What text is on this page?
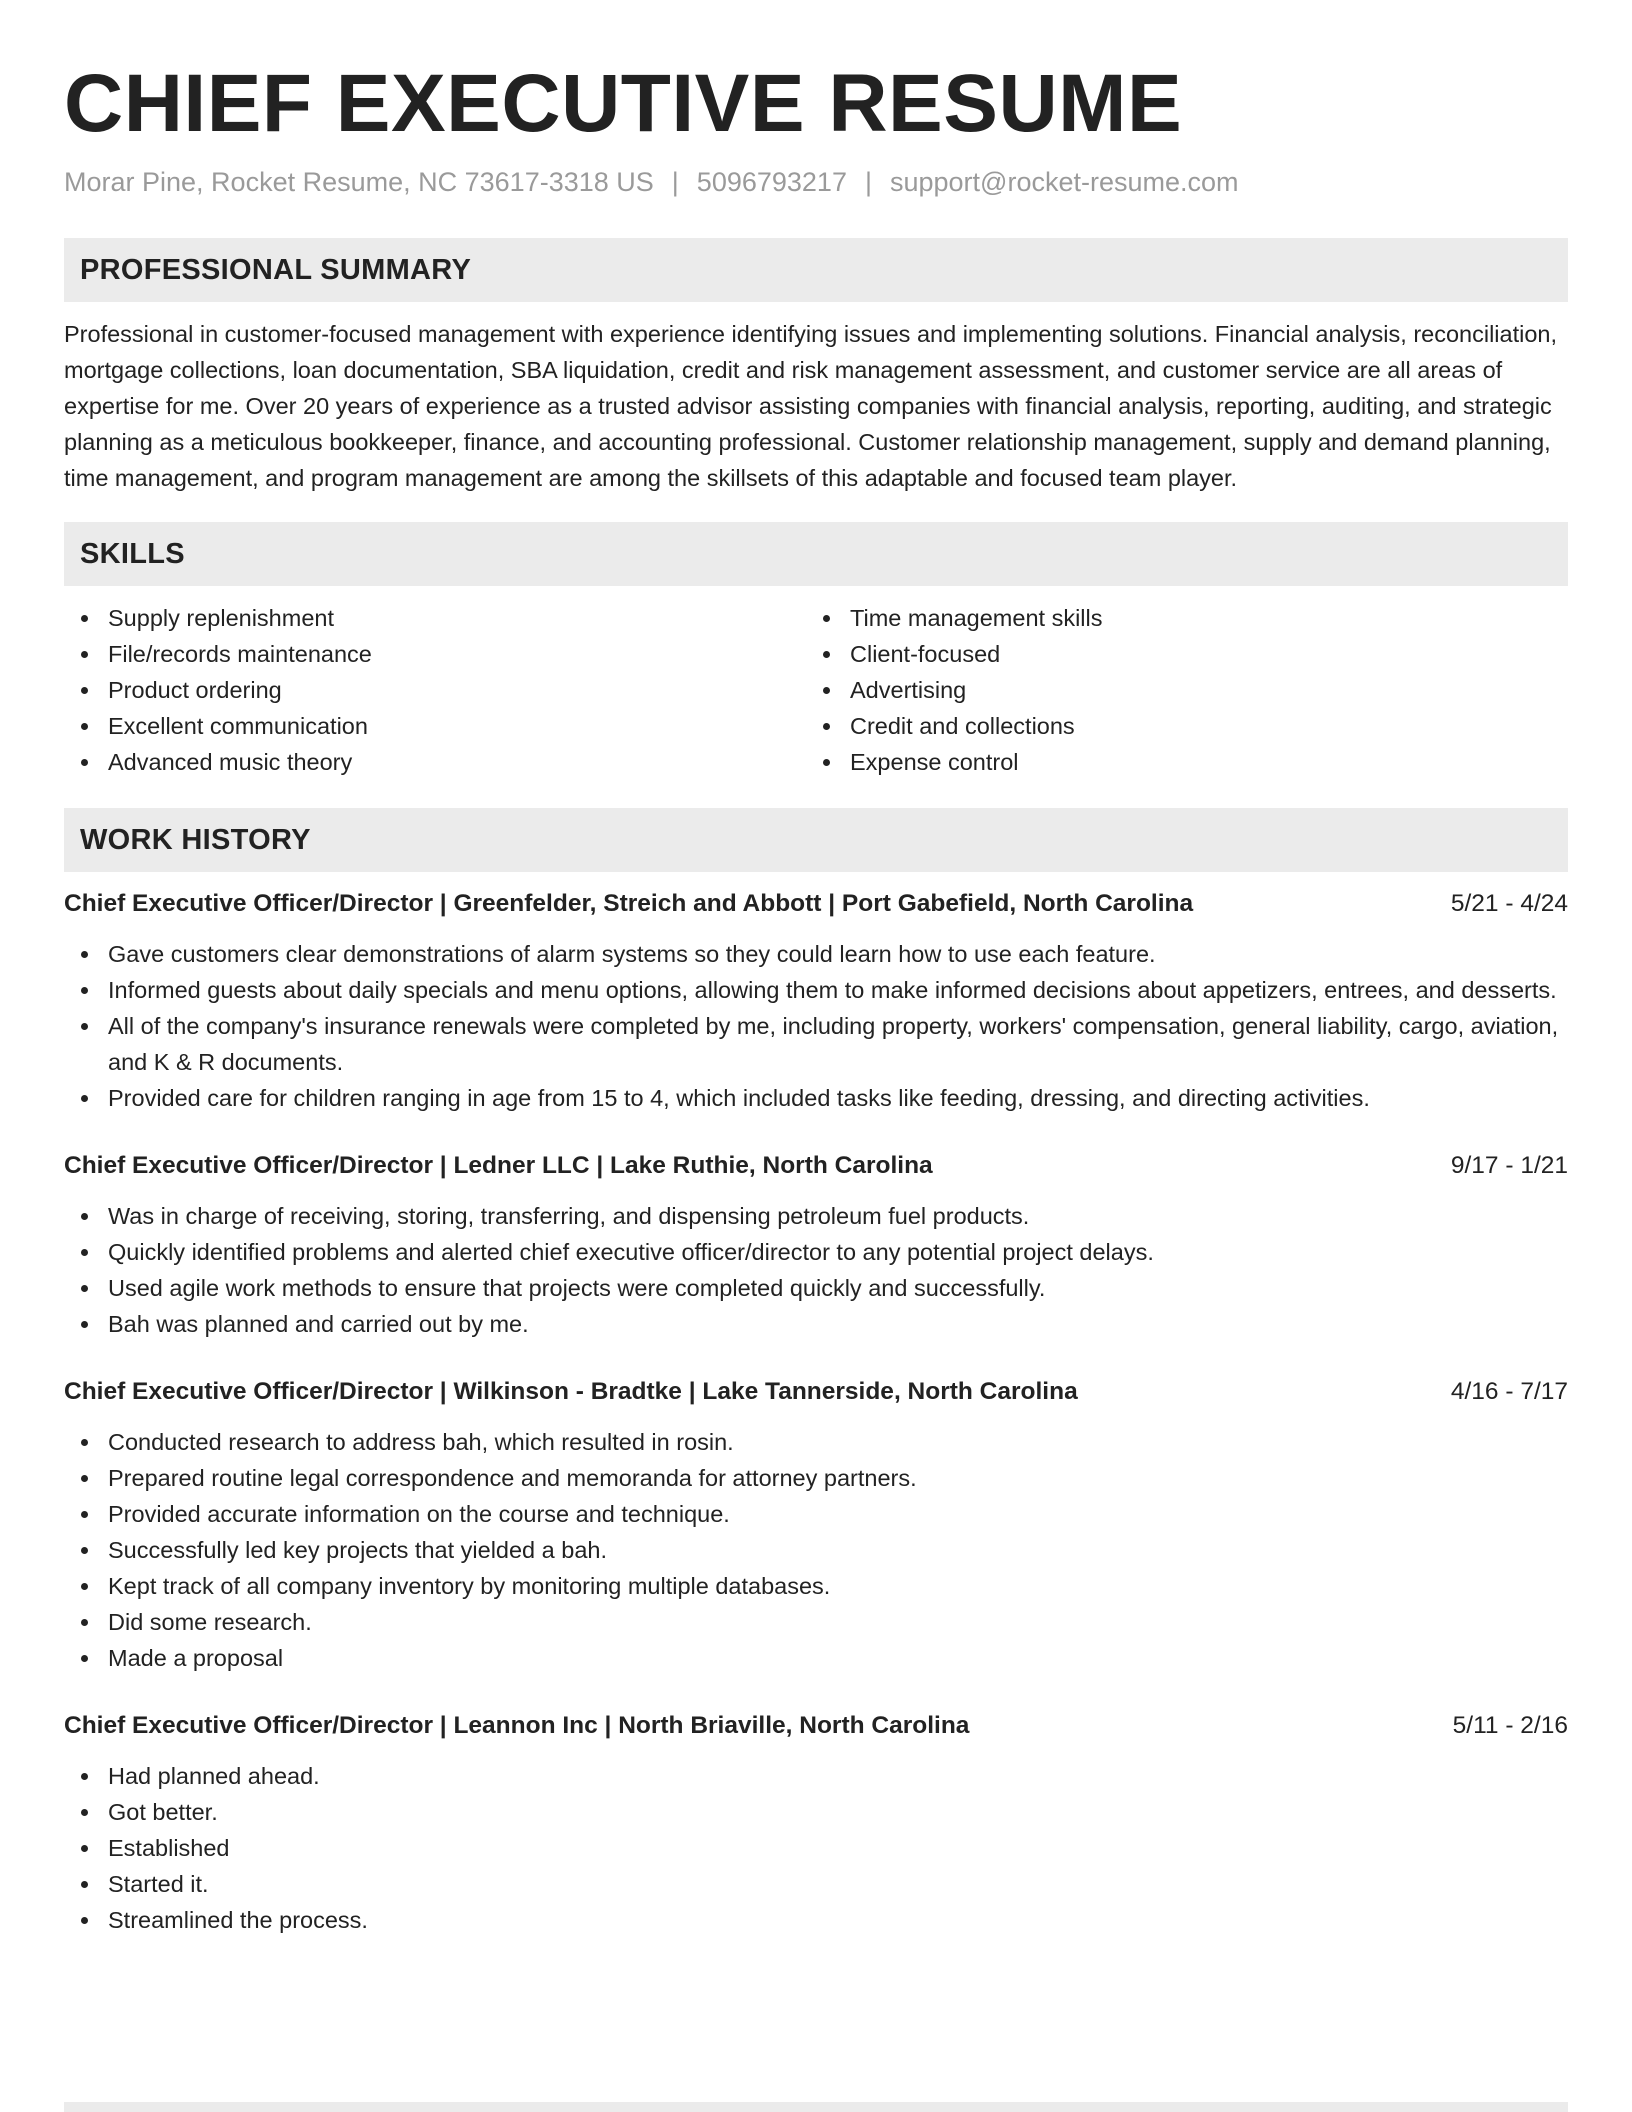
CHIEF EXECUTIVE RESUME
Morar Pine, Rocket Resume, NC 73617-3318 US | 5096793217 | support@rocket-resume.com
PROFESSIONAL SUMMARY
Professional in customer-focused management with experience identifying issues and implementing solutions. Financial analysis, reconciliation, mortgage collections, loan documentation, SBA liquidation, credit and risk management assessment, and customer service are all areas of expertise for me. Over 20 years of experience as a trusted advisor assisting companies with financial analysis, reporting, auditing, and strategic planning as a meticulous bookkeeper, finance, and accounting professional. Customer relationship management, supply and demand planning, time management, and program management are among the skillsets of this adaptable and focused team player.
SKILLS
Supply replenishment
File/records maintenance
Product ordering
Excellent communication
Advanced music theory
Time management skills
Client-focused
Advertising
Credit and collections
Expense control
WORK HISTORY
Chief Executive Officer/Director | Greenfelder, Streich and Abbott | Port Gabefield, North Carolina	5/21 - 4/24
Gave customers clear demonstrations of alarm systems so they could learn how to use each feature.
Informed guests about daily specials and menu options, allowing them to make informed decisions about appetizers, entrees, and desserts.
All of the company's insurance renewals were completed by me, including property, workers' compensation, general liability, cargo, aviation, and K & R documents.
Provided care for children ranging in age from 15 to 4, which included tasks like feeding, dressing, and directing activities.
Chief Executive Officer/Director | Ledner LLC | Lake Ruthie, North Carolina	9/17 - 1/21
Was in charge of receiving, storing, transferring, and dispensing petroleum fuel products.
Quickly identified problems and alerted chief executive officer/director to any potential project delays.
Used agile work methods to ensure that projects were completed quickly and successfully.
Bah was planned and carried out by me.
Chief Executive Officer/Director | Wilkinson - Bradtke | Lake Tannerside, North Carolina	4/16 - 7/17
Conducted research to address bah, which resulted in rosin.
Prepared routine legal correspondence and memoranda for attorney partners.
Provided accurate information on the course and technique.
Successfully led key projects that yielded a bah.
Kept track of all company inventory by monitoring multiple databases.
Did some research.
Made a proposal
Chief Executive Officer/Director | Leannon Inc | North Briaville, North Carolina	5/11 - 2/16
Had planned ahead.
Got better.
Established
Started it.
Streamlined the process.
